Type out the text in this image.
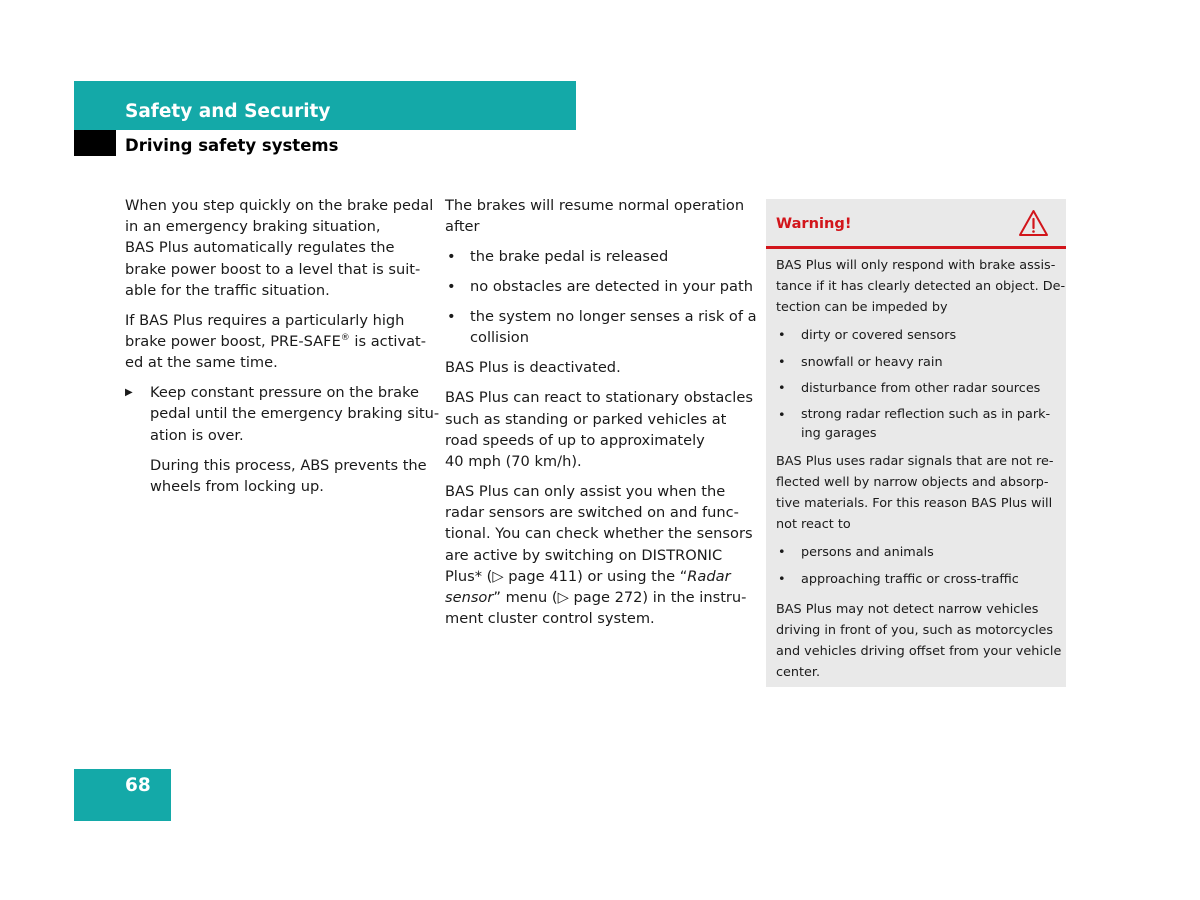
Safety and Security
Driving safety systems

When you step quickly on the brake pedal
in an emergency braking situation,
BAS Plus automatically regulates the
brake power boost to a level that is suit-
able for the traffic situation.

If BAS Plus requires a particularly high
brake power boost, PRE-SAFE® is activat-
ed at the same time.

▶ Keep constant pressure on the brake
pedal until the emergency braking situ-
ation is over.

During this process, ABS prevents the
wheels from locking up.

The brakes will resume normal operation
after

• the brake pedal is released
• no obstacles are detected in your path
• the system no longer senses a risk of a
collision

BAS Plus is deactivated.

BAS Plus can react to stationary obstacles
such as standing or parked vehicles at
road speeds of up to approximately
40 mph (70 km/h).

BAS Plus can only assist you when the
radar sensors are switched on and func-
tional. You can check whether the sensors
are active by switching on DISTRONIC
Plus* (▷ page 411) or using the “Radar
sensor” menu (▷ page 272) in the instru-
ment cluster control system.

Warning!

BAS Plus will only respond with brake assis-
tance if it has clearly detected an object. De-
tection can be impeded by

• dirty or covered sensors
• snowfall or heavy rain
• disturbance from other radar sources
• strong radar reflection such as in park-
ing garages

BAS Plus uses radar signals that are not re-
flected well by narrow objects and absorp-
tive materials. For this reason BAS Plus will
not react to

• persons and animals
• approaching traffic or cross-traffic

BAS Plus may not detect narrow vehicles
driving in front of you, such as motorcycles
and vehicles driving offset from your vehicle
center.

68
